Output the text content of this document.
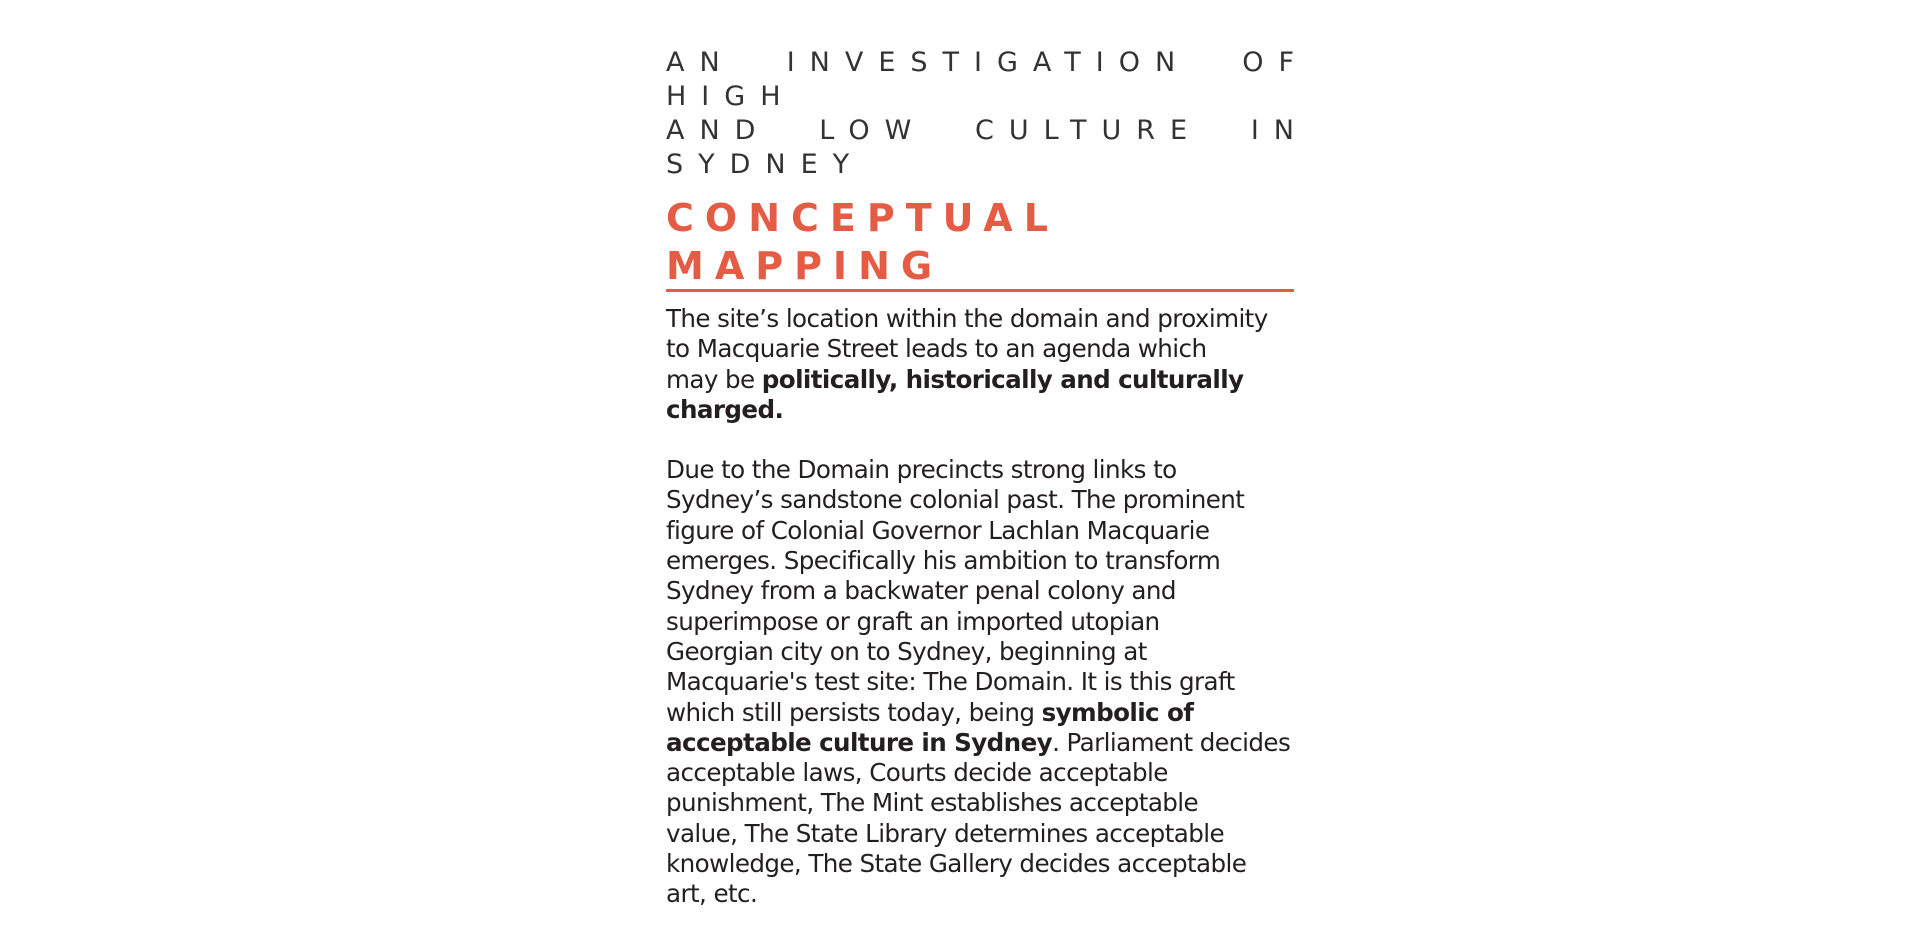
AN INVESTIGATION OF HIGH
AND LOW CULTURE IN SYDNEY
CONCEPTUAL MAPPING

The site’s location within the domain and proximity
to Macquarie Street leads to an agenda which
may be politically, historically and culturally
charged.

Due to the Domain precincts strong links to
Sydney’s sandstone colonial past. The prominent
figure of Colonial Governor Lachlan Macquarie
emerges. Specifically his ambition to transform
Sydney from a backwater penal colony and
superimpose or graft an imported utopian
Georgian city on to Sydney, beginning at
Macquarie's test site: The Domain. It is this graft
which still persists today, being symbolic of
acceptable culture in Sydney. Parliament decides
acceptable laws, Courts decide acceptable
punishment, The Mint establishes acceptable
value, The State Library determines acceptable
knowledge, The State Gallery decides acceptable
art, etc.
